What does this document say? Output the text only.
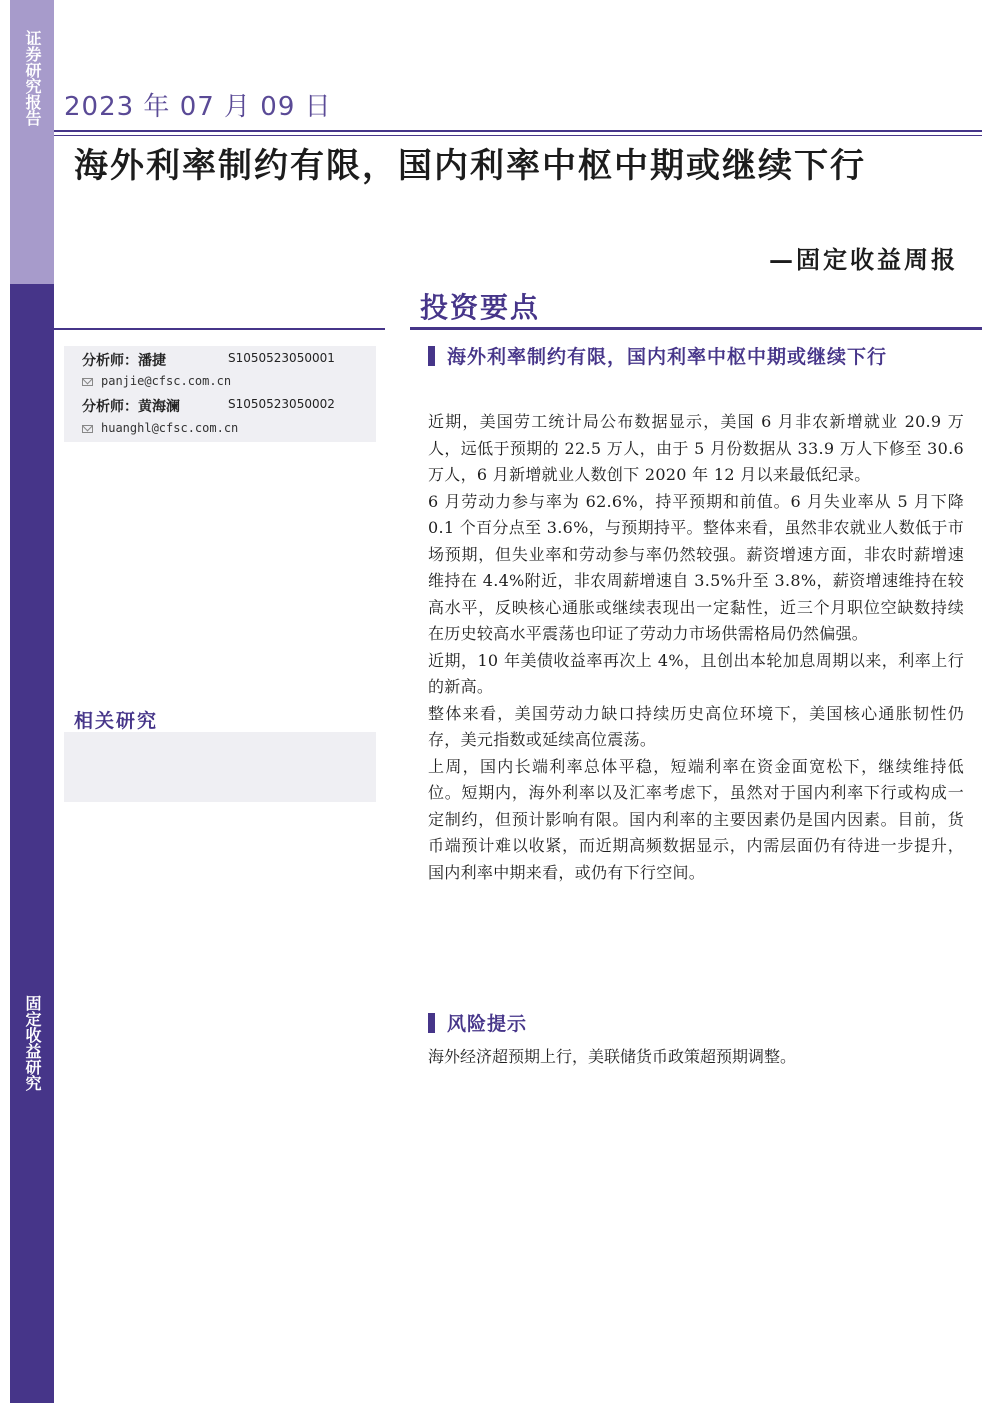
证券研究报告
固定收益研究
2023 年 07 月 09 日
海外利率制约有限，国内利率中枢中期或继续下行
—固定收益周报
投资要点
分析师：潘捷	S1050523050001
panjie@cfsc.com.cn
分析师：黄海澜	S1050523050002
huanghl@cfsc.com.cn
相关研究
海外利率制约有限，国内利率中枢中期或继续下行

近期，美国劳工统计局公布数据显示，美国 6 月非农新增就业 20.9 万人，远低于预期的 22.5 万人，由于 5 月份数据从 33.9 万人下修至 30.6 万人，6 月新增就业人数创下 2020 年 12 月以来最低纪录。

6 月劳动力参与率为 62.6%，持平预期和前值。6 月失业率从 5 月下降 0.1 个百分点至 3.6%，与预期持平。整体来看，虽然非农就业人数低于市场预期，但失业率和劳动参与率仍然较强。薪资增速方面，非农时薪增速维持在 4.4%附近，非农周薪增速自 3.5%升至 3.8%，薪资增速维持在较高水平，反映核心通胀或继续表现出一定黏性，近三个月职位空缺数持续在历史较高水平震荡也印证了劳动力市场供需格局仍然偏强。

近期，10 年美债收益率再次上 4%，且创出本轮加息周期以来，利率上行的新高。

整体来看，美国劳动力缺口持续历史高位环境下，美国核心通胀韧性仍存，美元指数或延续高位震荡。

上周，国内长端利率总体平稳，短端利率在资金面宽松下，继续维持低位。短期内，海外利率以及汇率考虑下，虽然对于国内利率下行或构成一定制约，但预计影响有限。国内利率的主要因素仍是国内因素。目前，货币端预计难以收紧，而近期高频数据显示，内需层面仍有待进一步提升，国内利率中期来看，或仍有下行空间。

风险提示
海外经济超预期上行，美联储货币政策超预期调整。
